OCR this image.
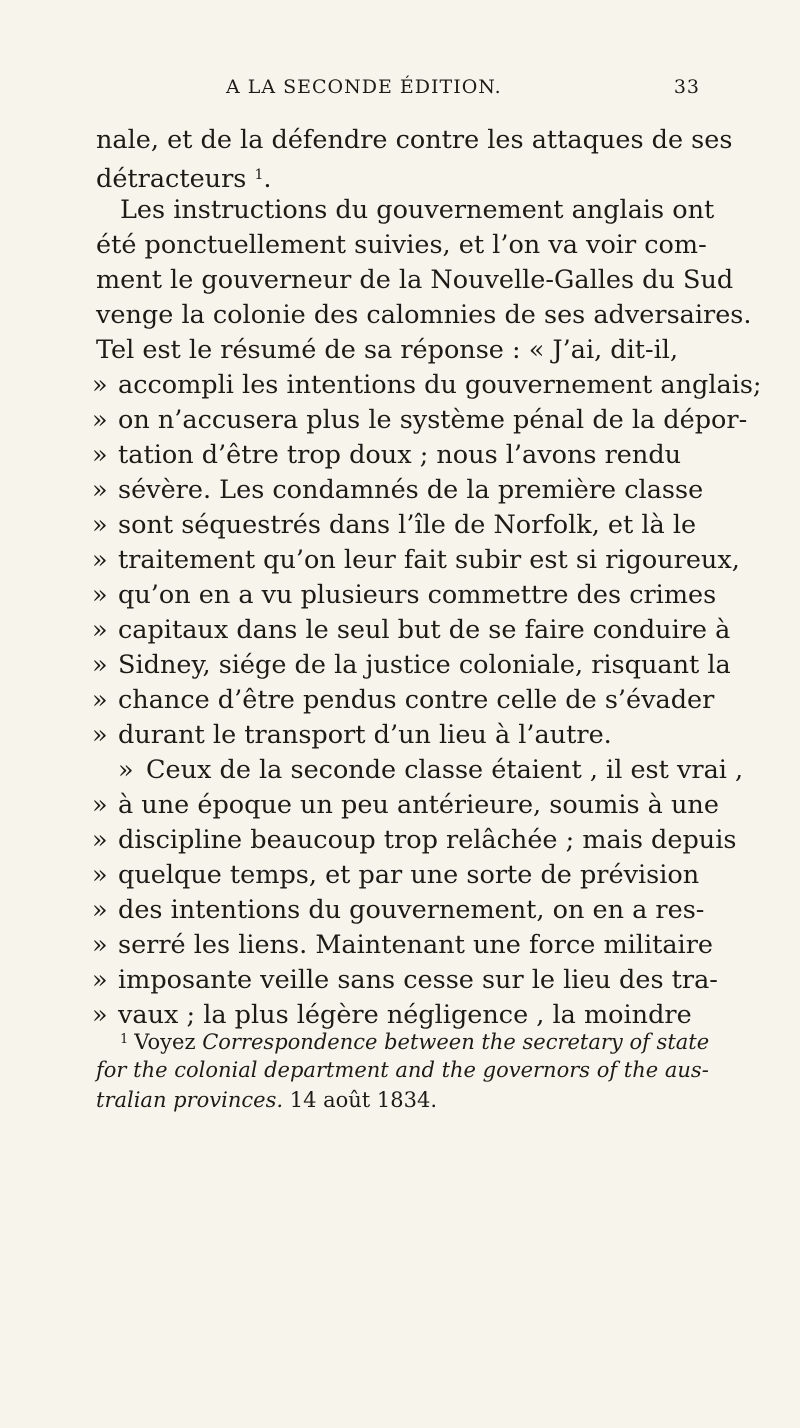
A LA SECONDE ÉDITION.	33
nale, et de la défendre contre les attaques de ses
détracteurs $^1$.
Les instructions du gouvernement anglais ont
été ponctuellement suivies, et l’on va voir com-
ment le gouverneur de la Nouvelle-Galles du Sud
venge la colonie des calomnies de ses adversaires.
Tel est le résumé de sa réponse : « J’ai, dit-il,
» accompli les intentions du gouvernement anglais;
» on n’accusera plus le système pénal de la dépor-
» tation d’être trop doux ; nous l’avons rendu
» sévère. Les condamnés de la première classe
» sont séquestrés dans l’île de Norfolk, et là le
» traitement qu’on leur fait subir est si rigoureux,
» qu’on en a vu plusieurs commettre des crimes
» capitaux dans le seul but de se faire conduire à
» Sidney, siége de la justice coloniale, risquant la
» chance d’être pendus contre celle de s’évader
» durant le transport d’un lieu à l’autre.
» Ceux de la seconde classe étaient , il est vrai ,
» à une époque un peu antérieure, soumis à une
» discipline beaucoup trop relâchée ; mais depuis
» quelque temps, et par une sorte de prévision
» des intentions du gouvernement, on en a res-
» serré les liens. Maintenant une force militaire
» imposante veille sans cesse sur le lieu des tra-
» vaux ; la plus légère négligence , la moindre
$^1$ Voyez Correspondence between the secretary of state
for the colonial department and the governors of the aus-
tralian provinces. 14 août 1834.
